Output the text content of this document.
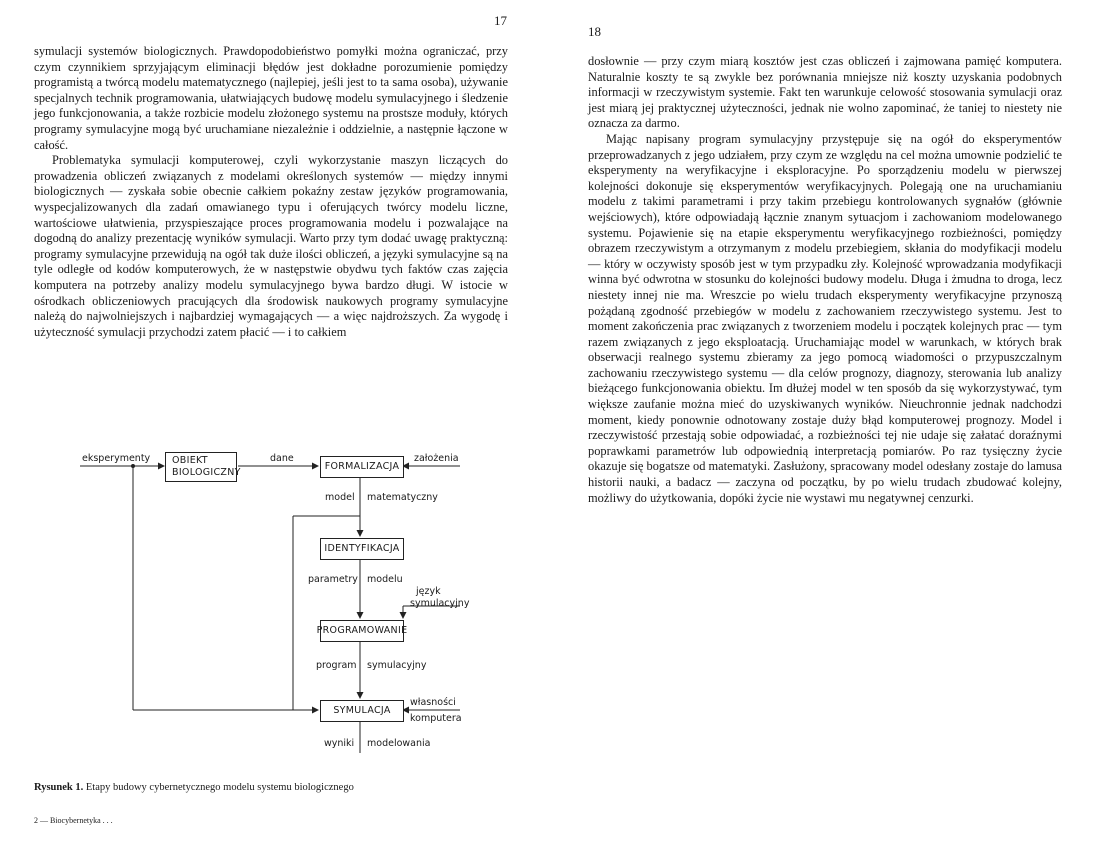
17

symulacji systemów biologicznych. Prawdopodobieństwo pomyłki można ograniczać, przy czym czynnikiem sprzyjającym eliminacji błędów jest dokładne porozumienie pomiędzy programistą a twórcą modelu matematycznego (najlepiej, jeśli jest to ta sama osoba), używanie specjalnych technik programowania, ułatwiających budowę modelu symulacyjnego i śledzenie jego funkcjonowania, a także rozbicie modelu złożonego systemu na prostsze moduły, których programy symulacyjne mogą być uruchamiane niezależnie i oddzielnie, a następnie łączone w całość.

Problematyka symulacji komputerowej, czyli wykorzystanie maszyn liczących do prowadzenia obliczeń związanych z modelami określonych systemów — między innymi biologicznych — zyskała sobie obecnie całkiem pokaźny zestaw języków programowania, wyspecjalizowanych dla zadań omawianego typu i oferujących twórcy modelu liczne, wartościowe ułatwienia, przyspieszające proces programowania modelu i pozwalające na dogodną do analizy prezentację wyników symulacji. Warto przy tym dodać uwagę praktyczną: programy symulacyjne przewidują na ogół tak duże ilości obliczeń, a języki symulacyjne są na tyle odległe od kodów komputerowych, że w następstwie obydwu tych faktów czas zajęcia komputera na potrzeby analizy modelu symulacyjnego bywa bardzo długi. W istocie w ośrodkach obliczeniowych pracujących dla środowisk naukowych programy symulacyjne należą do najwolniejszych i najbardziej wymagających — a więc najdroższych. Za wygodę i użyteczność symulacji przychodzi zatem płacić — i to całkiem

OBIEKT
BIOLOGICZNY
FORMALIZACJA
IDENTYFIKACJA
PROGRAMOWANIE
SYMULACJA
eksperymenty	dane	założenia
model matematyczny
parametry modelu
język
symulacyjny
program symulacyjny
własności
komputera
wyniki modelowania
Rysunek 1. Etapy budowy cybernetycznego modelu systemu biologicznego
2 — Biocybernetyka . . .
18

dosłownie — przy czym miarą kosztów jest czas obliczeń i zajmowana pamięć komputera. Naturalnie koszty te są zwykle bez porównania mniejsze niż koszty uzyskania podobnych informacji w rzeczywistym systemie. Fakt ten warunkuje celowość stosowania symulacji oraz jest miarą jej praktycznej użyteczności, jednak nie wolno zapominać, że taniej to niestety nie oznacza za darmo.

Mając napisany program symulacyjny przystępuje się na ogół do eksperymentów przeprowadzanych z jego udziałem, przy czym ze względu na cel można umownie podzielić te eksperymenty na weryfikacyjne i eksploracyjne. Po sporządzeniu modelu w pierwszej kolejności dokonuje się eksperymentów weryfikacyjnych. Polegają one na uruchamianiu modelu z takimi parametrami i przy takim przebiegu kontrolowanych sygnałów (głównie wejściowych), które odpowiadają łącznie znanym sytuacjom i zachowaniom modelowanego systemu. Pojawienie się na etapie eksperymentu weryfikacyjnego rozbieżności, pomiędzy obrazem rzeczywistym a otrzymanym z modelu przebiegiem, skłania do modyfikacji modelu — który w oczywisty sposób jest w tym przypadku zły. Kolejność wprowadzania modyfikacji winna być odwrotna w stosunku do kolejności budowy modelu. Długa i żmudna to droga, lecz niestety innej nie ma. Wreszcie po wielu trudach eksperymenty weryfikacyjne przynoszą pożądaną zgodność przebiegów w modelu z zachowaniem rzeczywistego systemu. Jest to moment zakończenia prac związanych z tworzeniem modelu i początek kolejnych prac — tym razem związanych z jego eksploatacją. Uruchamiając model w warunkach, w których brak obserwacji realnego systemu zbieramy za jego pomocą wiadomości o przypuszczalnym zachowaniu rzeczywistego systemu — dla celów prognozy, diagnozy, sterowania lub analizy bieżącego funkcjonowania obiektu. Im dłużej model w ten sposób da się wykorzystywać, tym większe zaufanie można mieć do uzyskiwanych wyników. Nieuchronnie jednak nadchodzi moment, kiedy ponownie odnotowany zostaje duży błąd komputerowej prognozy. Model i rzeczywistość przestają sobie odpowiadać, a rozbieżności tej nie udaje się załatać doraźnymi poprawkami parametrów lub odpowiednią interpretacją pomiarów. Po raz tysięczny życie okazuje się bogatsze od matematyki. Zasłużony, spracowany model odesłany zostaje do lamusa historii nauki, a badacz — zaczyna od początku, by po wielu trudach zbudować kolejny, możliwy do użytkowania, dopóki życie nie wystawi mu negatywnej cenzurki.
